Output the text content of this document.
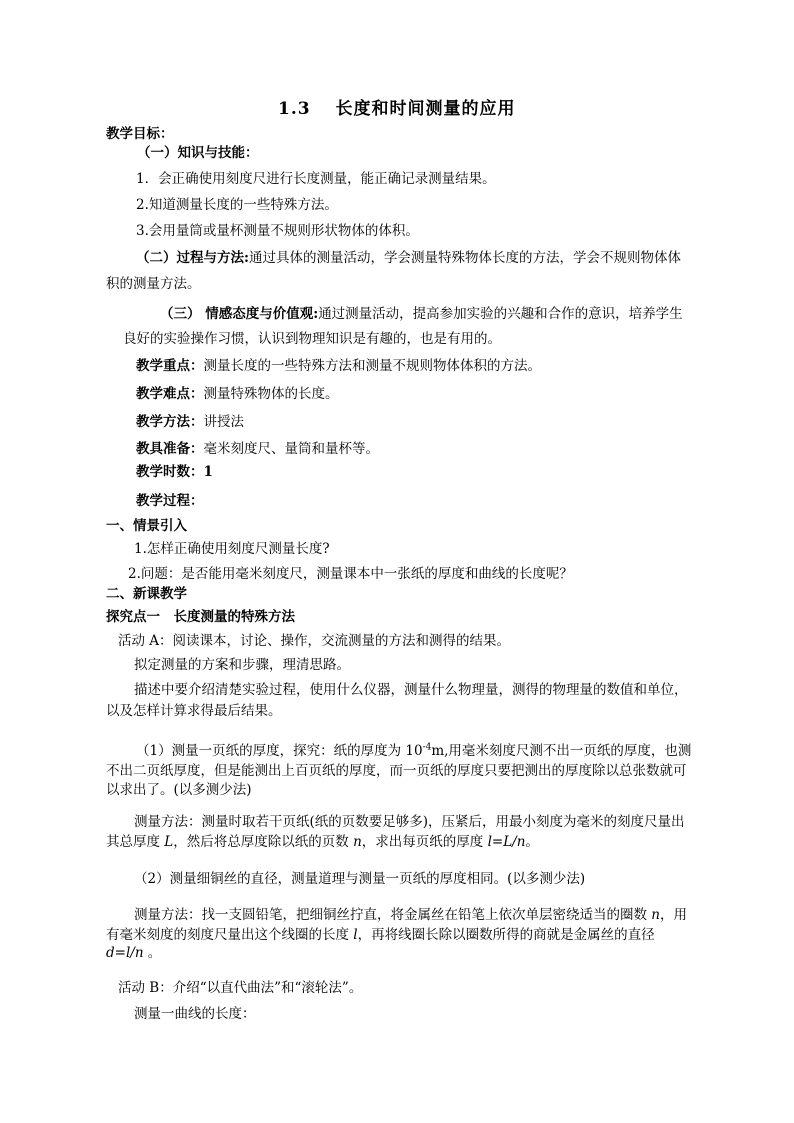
1.3　 长度和时间测量的应用
教学目标：
（一）知识与技能：
1．会正确使用刻度尺进行长度测量，能正确记录测量结果。
2.知道测量长度的一些特殊方法。
3.会用量筒或量杯测量不规则形状物体的体积。
（二）过程与方法:通过具体的测量活动，学会测量特殊物体长度的方法，学会不规则物体体
积的测量方法。
（三） 情感态度与价值观:通过测量活动，提高参加实验的兴趣和合作的意识，培养学生
良好的实验操作习惯，认识到物理知识是有趣的，也是有用的。
教学重点：测量长度的一些特殊方法和测量不规则物体体积的方法。
教学难点：测量特殊物体的长度。
教学方法：讲授法
教具准备：毫米刻度尺、量筒和量杯等。
教学时数：1
教学过程：
一、情景引入
1.怎样正确使用刻度尺测量长度?
2.问题：是否能用毫米刻度尺，测量课本中一张纸的厚度和曲线的长度呢？
二、新课教学
探究点一　长度测量的特殊方法
活动 A：阅读课本，讨论、操作，交流测量的方法和测得的结果。
拟定测量的方案和步骤，理清思路。
描述中要介绍清楚实验过程，使用什么仪器，测量什么物理量，测得的物理量的数值和单位，
以及怎样计算求得最后结果。
（1）测量一页纸的厚度，探究：纸的厚度为 $10^{-4}m$,用毫米刻度尺测不出一页纸的厚度，也测
不出二页纸厚度，但是能测出上百页纸的厚度，而一页纸的厚度只要把测出的厚度除以总张数就可
以求出了。(以多测少法)
测量方法：测量时取若干页纸(纸的页数要足够多)，压紧后，用最小刻度为毫米的刻度尺量出
其总厚度 L，然后将总厚度除以纸的页数 n，求出每页纸的厚度 l=L/n。
（2）测量细铜丝的直径，测量道理与测量一页纸的厚度相同。(以多测少法)
测量方法：找一支圆铅笔，把细铜丝拧直，将金属丝在铅笔上依次单层密绕适当的圈数 n，用
有毫米刻度的刻度尺量出这个线圈的长度 l，再将线圈长除以圈数所得的商就是金属丝的直径
d=l/n 。
活动 B：介绍“以直代曲法”和“滚轮法”。
测量一曲线的长度：
